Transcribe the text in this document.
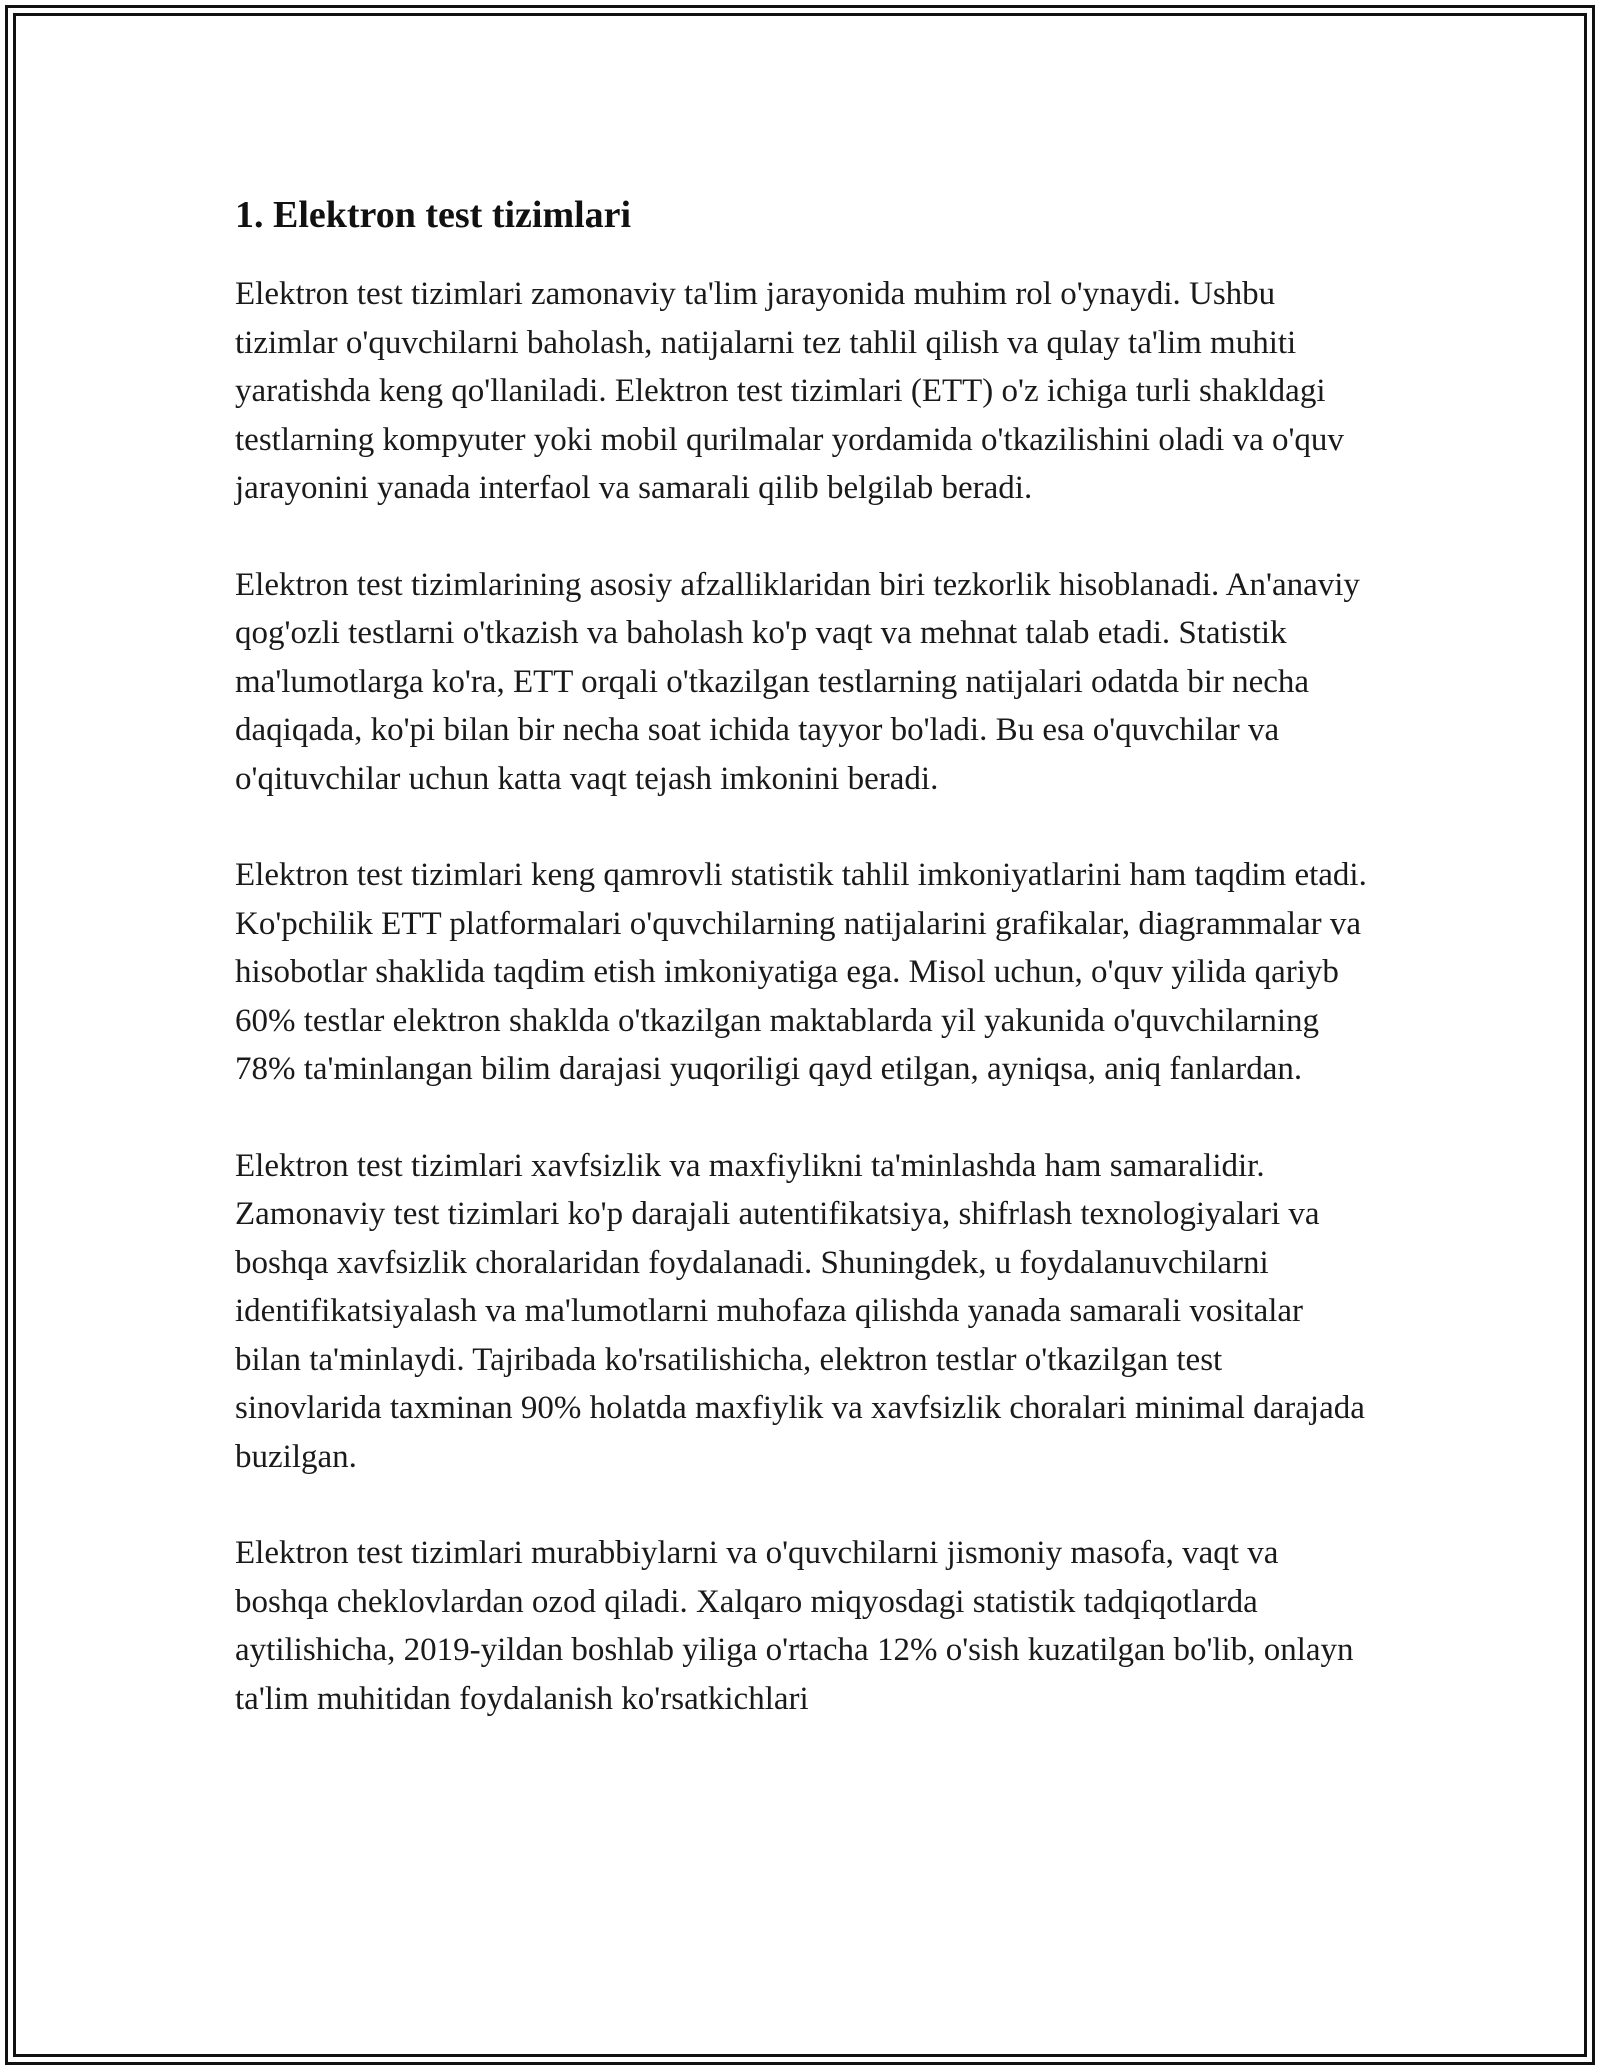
1. Elektron test tizimlari

Elektron test tizimlari zamonaviy ta'lim jarayonida muhim rol o'ynaydi. Ushbu tizimlar o'quvchilarni baholash, natijalarni tez tahlil qilish va qulay ta'lim muhiti yaratishda keng qo'llaniladi. Elektron test tizimlari (ETT) o'z ichiga turli shakldagi testlarning kompyuter yoki mobil qurilmalar yordamida o'tkazilishini oladi va o'quv jarayonini yanada interfaol va samarali qilib belgilab beradi.

Elektron test tizimlarining asosiy afzalliklaridan biri tezkorlik hisoblanadi. An'anaviy qog'ozli testlarni o'tkazish va baholash ko'p vaqt va mehnat talab etadi. Statistik ma'lumotlarga ko'ra, ETT orqali o'tkazilgan testlarning natijalari odatda bir necha daqiqada, ko'pi bilan bir necha soat ichida tayyor bo'ladi. Bu esa o'quvchilar va o'qituvchilar uchun katta vaqt tejash imkonini beradi.

Elektron test tizimlari keng qamrovli statistik tahlil imkoniyatlarini ham taqdim etadi. Ko'pchilik ETT platformalari o'quvchilarning natijalarini grafikalar, diagrammalar va hisobotlar shaklida taqdim etish imkoniyatiga ega. Misol uchun, o'quv yilida qariyb 60% testlar elektron shaklda o'tkazilgan maktablarda yil yakunida o'quvchilarning 78% ta'minlangan bilim darajasi yuqoriligi qayd etilgan, ayniqsa, aniq fanlardan.

Elektron test tizimlari xavfsizlik va maxfiylikni ta'minlashda ham samaralidir. Zamonaviy test tizimlari ko'p darajali autentifikatsiya, shifrlash texnologiyalari va boshqa xavfsizlik choralaridan foydalanadi. Shuningdek, u foydalanuvchilarni identifikatsiyalash va ma'lumotlarni muhofaza qilishda yanada samarali vositalar bilan ta'minlaydi. Tajribada ko'rsatilishicha, elektron testlar o'tkazilgan test sinovlarida taxminan 90% holatda maxfiylik va xavfsizlik choralari minimal darajada buzilgan.

Elektron test tizimlari murabbiylarni va o'quvchilarni jismoniy masofa, vaqt va boshqa cheklovlardan ozod qiladi. Xalqaro miqyosdagi statistik tadqiqotlarda aytilishicha, 2019-yildan boshlab yiliga o'rtacha 12% o'sish kuzatilgan bo'lib, onlayn ta'lim muhitidan foydalanish ko'rsatkichlari
